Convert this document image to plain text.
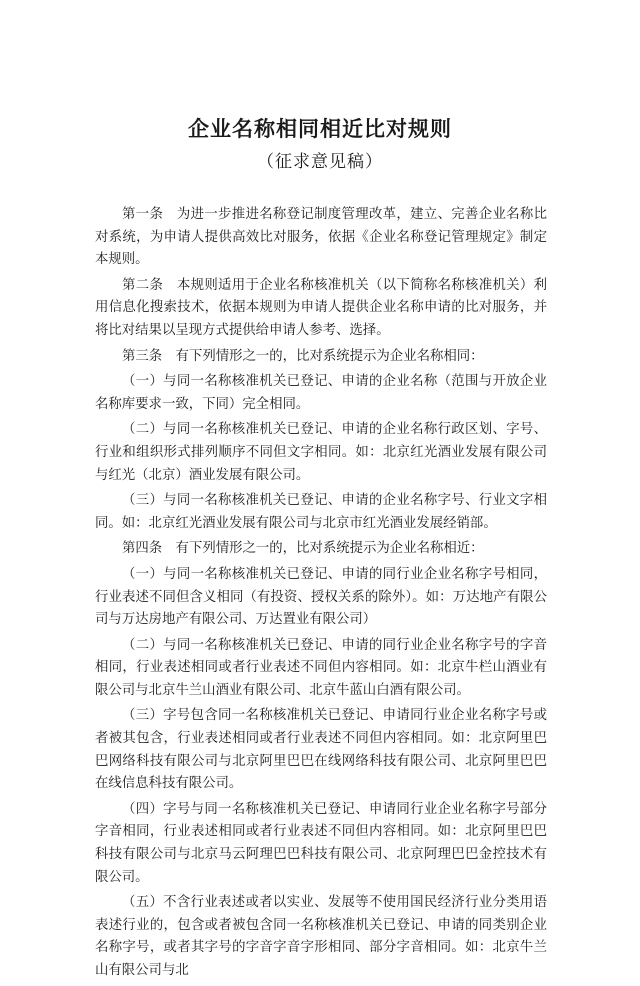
企业名称相同相近比对规则
（征求意见稿）

第一条　为进一步推进名称登记制度管理改革，建立、完善企业名称比对系统，为申请人提供高效比对服务，依据《企业名称登记管理规定》制定本规则。

第二条　本规则适用于企业名称核准机关（以下简称名称核准机关）利用信息化搜索技术，依据本规则为申请人提供企业名称申请的比对服务，并将比对结果以呈现方式提供给申请人参考、选择。

第三条　有下列情形之一的，比对系统提示为企业名称相同：

（一）与同一名称核准机关已登记、申请的企业名称（范围与开放企业名称库要求一致，下同）完全相同。

（二）与同一名称核准机关已登记、申请的企业名称行政区划、字号、行业和组织形式排列顺序不同但文字相同。如：北京红光酒业发展有限公司与红光（北京）酒业发展有限公司。

（三）与同一名称核准机关已登记、申请的企业名称字号、行业文字相同。如：北京红光酒业发展有限公司与北京市红光酒业发展经销部。

第四条　有下列情形之一的，比对系统提示为企业名称相近：

（一）与同一名称核准机关已登记、申请的同行业企业名称字号相同，行业表述不同但含义相同（有投资、授权关系的除外）。如：万达地产有限公司与万达房地产有限公司、万达置业有限公司）

（二）与同一名称核准机关已登记、申请的同行业企业名称字号的字音相同，行业表述相同或者行业表述不同但内容相同。如：北京牛栏山酒业有限公司与北京牛兰山酒业有限公司、北京牛蓝山白酒有限公司。

（三）字号包含同一名称核准机关已登记、申请同行业企业名称字号或者被其包含，行业表述相同或者行业表述不同但内容相同。如：北京阿里巴巴网络科技有限公司与北京阿里巴巴在线网络科技有限公司、北京阿里巴巴在线信息科技有限公司。

（四）字号与同一名称核准机关已登记、申请同行业企业名称字号部分字音相同，行业表述相同或者行业表述不同但内容相同。如：北京阿里巴巴科技有限公司与北京马云阿理巴巴科技有限公司、北京阿理巴巴金控技术有限公司。

（五）不含行业表述或者以实业、发展等不使用国民经济行业分类用语表述行业的，包含或者被包含同一名称核准机关已登记、申请的同类别企业名称字号，或者其字号的字音字音字形相同、部分字音相同。如：北京牛兰山有限公司与北
